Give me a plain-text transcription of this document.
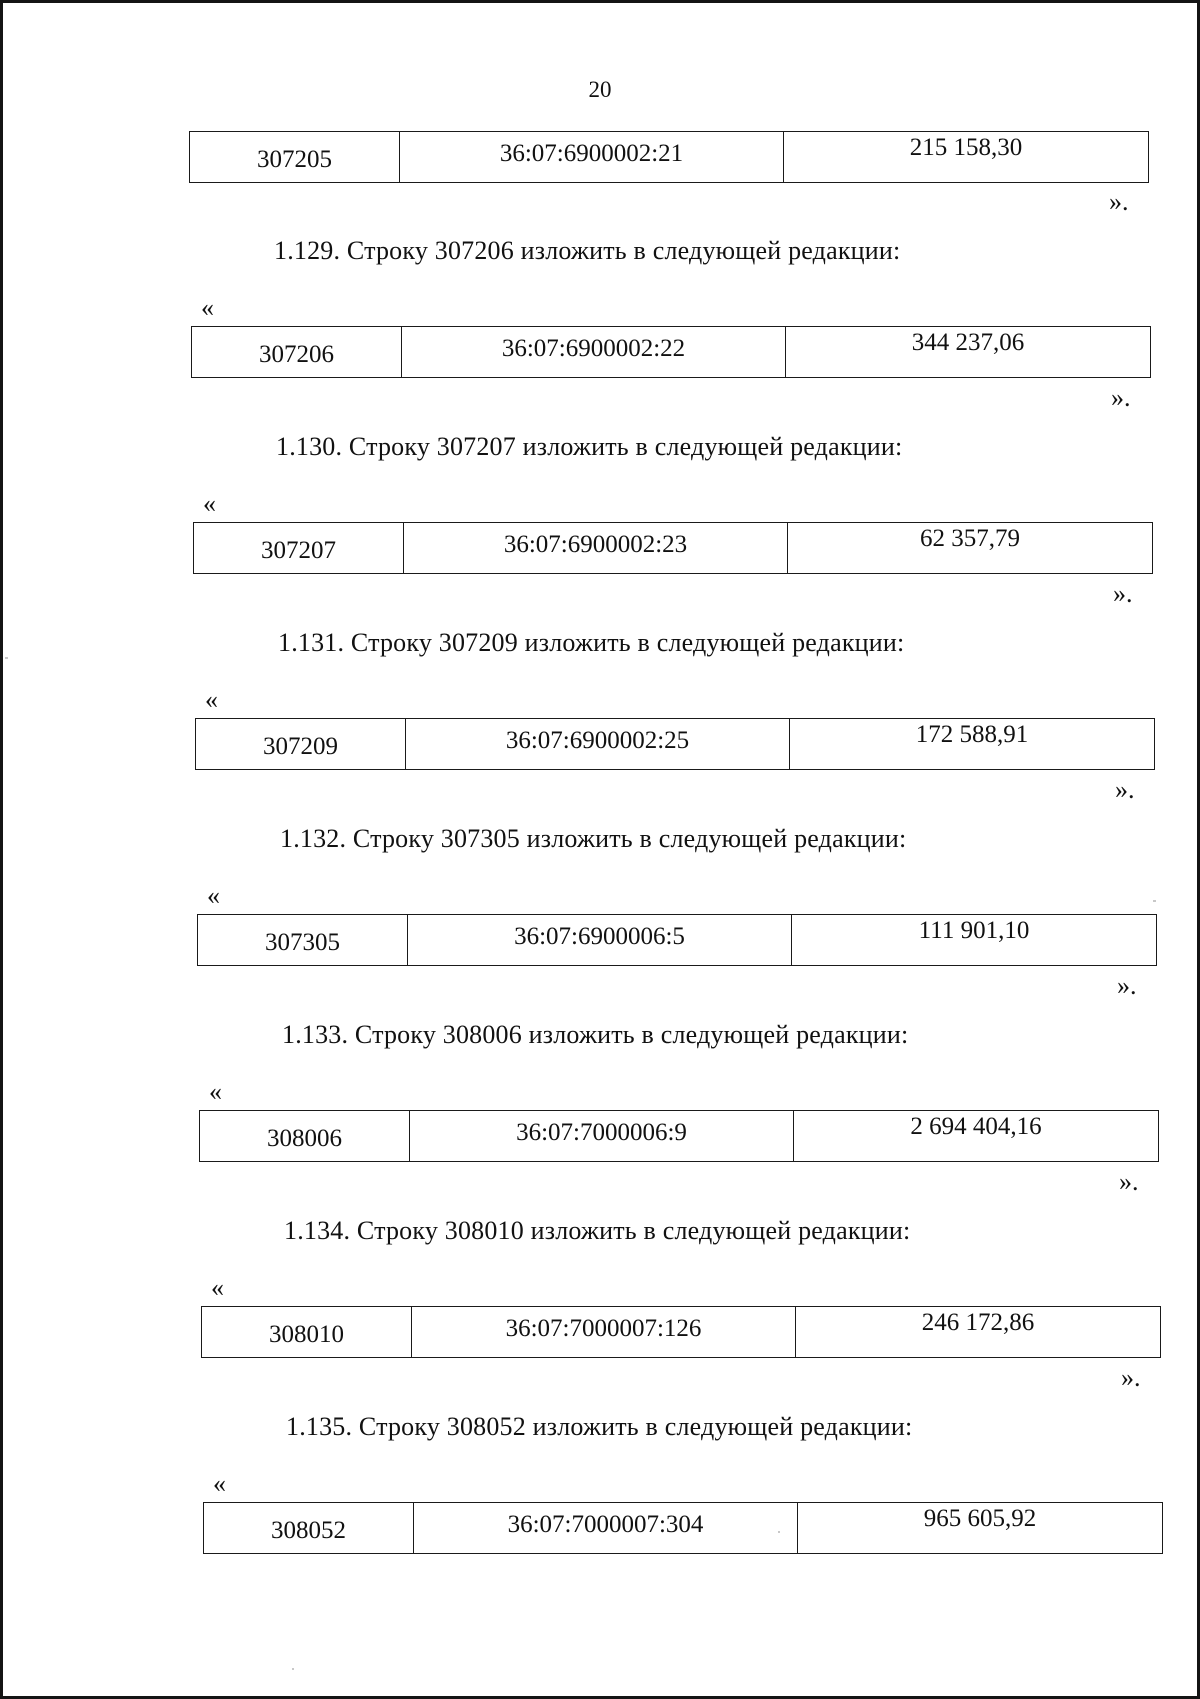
20
307205	36:07:6900002:21	215 158,30
».
1.129. Строку 307206 изложить в следующей редакции:
«
307206	36:07:6900002:22	344 237,06
».
1.130. Строку 307207 изложить в следующей редакции:
«
307207	36:07:6900002:23	62 357,79
».
1.131. Строку 307209 изложить в следующей редакции:
«
307209	36:07:6900002:25	172 588,91
».
1.132. Строку 307305 изложить в следующей редакции:
«
307305	36:07:6900006:5	111 901,10
».
1.133. Строку 308006 изложить в следующей редакции:
«
308006	36:07:7000006:9	2 694 404,16
».
1.134. Строку 308010 изложить в следующей редакции:
«
308010	36:07:7000007:126	246 172,86
».
1.135. Строку 308052 изложить в следующей редакции:
«
308052	36:07:7000007:304	965 605,92
